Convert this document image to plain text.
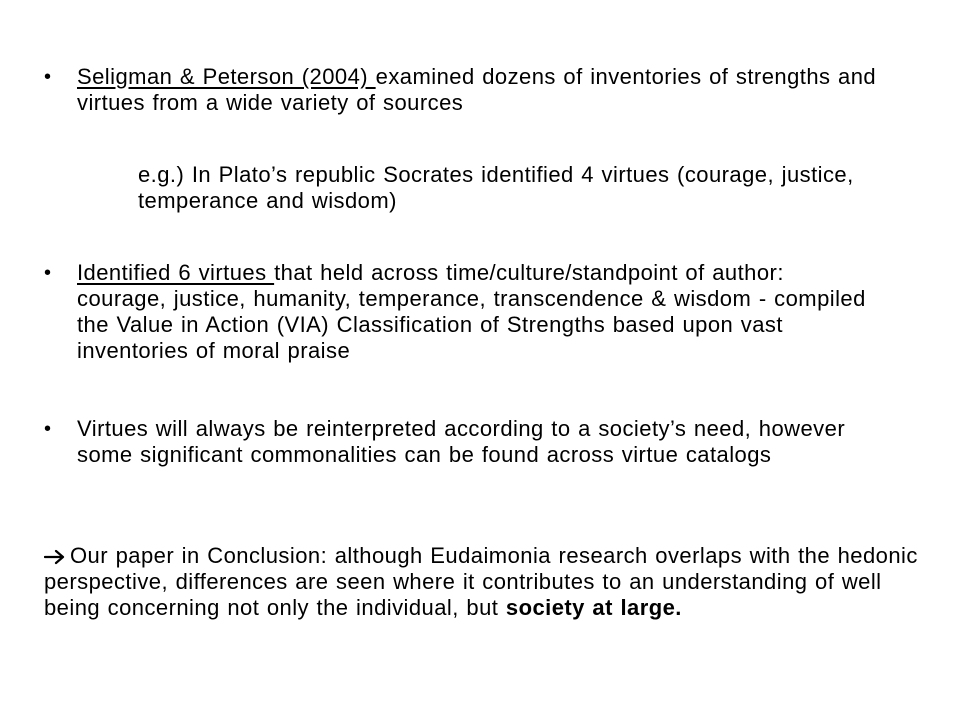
• Seligman & Peterson (2004) examined dozens of inventories of strengths and virtues from a wide variety of sources
e.g.) In Plato’s republic Socrates identified 4 virtues (courage, justice, temperance and wisdom)
• Identified 6 virtues that held across time/culture/standpoint of author: courage, justice, humanity, temperance, transcendence & wisdom - compiled the Value in Action (VIA) Classification of Strengths based upon vast inventories of moral praise
• Virtues will always be reinterpreted according to a society’s need, however some significant commonalities can be found across virtue catalogs
Our paper in Conclusion: although Eudaimonia research overlaps with the hedonic perspective, differences are seen where it contributes to an understanding of well being concerning not only the individual, but society at large.
